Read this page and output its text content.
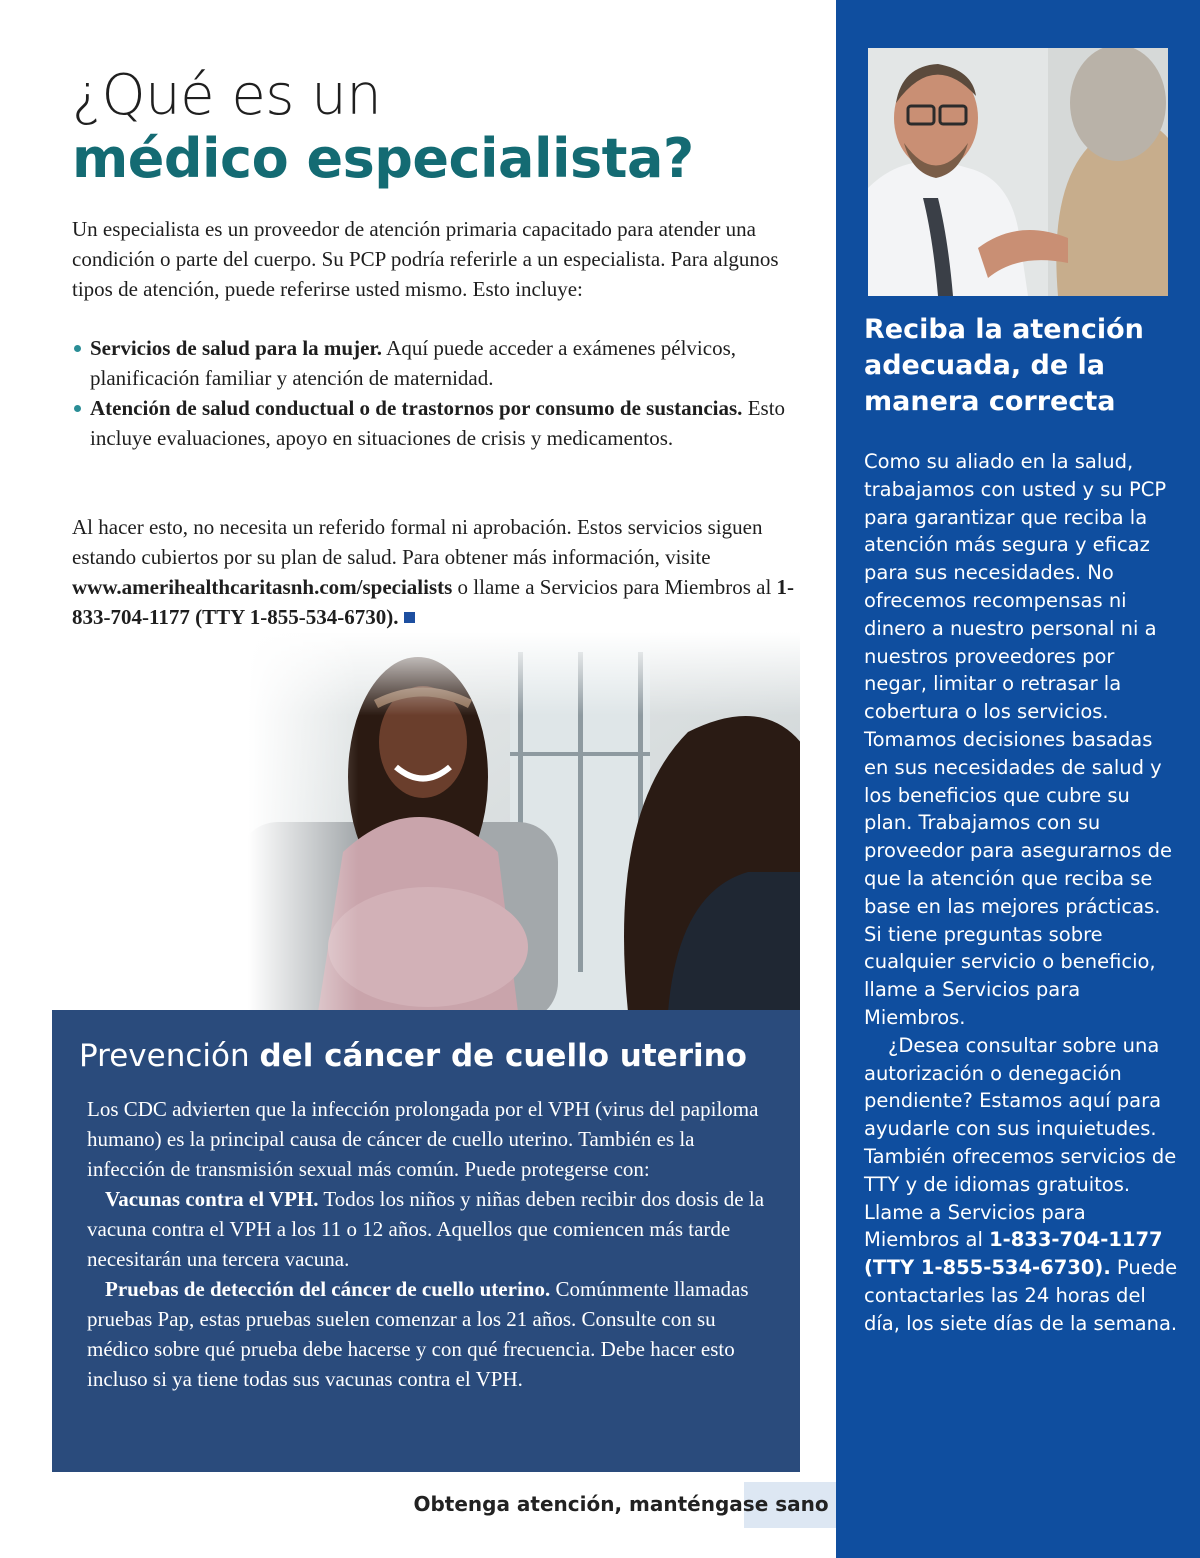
¿Qué es un
médico especialista?

Un especialista es un proveedor de atención primaria capacitado para atender una condición o parte del cuerpo. Su PCP podría referirle a un especialista. Para algunos tipos de atención, puede referirse usted mismo. Esto incluye:

Servicios de salud para la mujer. Aquí puede acceder a exámenes pélvicos, planificación familiar y atención de maternidad.
Atención de salud conductual o de trastornos por consumo de sustancias. Esto incluye evaluaciones, apoyo en situaciones de crisis y medicamentos.

Al hacer esto, no necesita un referido formal ni aprobación. Estos servicios siguen estando cubiertos por su plan de salud. Para obtener más información, visite www.amerihealthcaritasnh.com/specialists o llame a Servicios para Miembros al 1-833-704-1177 (TTY 1-855-534-6730).

Prevención del cáncer de cuello uterino

Los CDC advierten que la infección prolongada por el VPH (virus del papiloma humano) es la principal causa de cáncer de cuello uterino. También es la infección de transmisión sexual más común. Puede protegerse con:
Vacunas contra el VPH. Todos los niños y niñas deben recibir dos dosis de la vacuna contra el VPH a los 11 o 12 años. Aquellos que comiencen más tarde necesitarán una tercera vacuna.
Pruebas de detección del cáncer de cuello uterino. Comúnmente llamadas pruebas Pap, estas pruebas suelen comenzar a los 21 años. Consulte con su médico sobre qué prueba debe hacerse y con qué frecuencia. Debe hacer esto incluso si ya tiene todas sus vacunas contra el VPH.

Obtenga atención, manténgase sano
Reciba la atención adecuada, de la manera correcta

Como su aliado en la salud, trabajamos con usted y su PCP para garantizar que reciba la atención más segura y eficaz para sus necesidades. No ofrecemos recompensas ni dinero a nuestro personal ni a nuestros proveedores por negar, limitar o retrasar la cobertura o los servicios. Tomamos decisiones basadas en sus necesidades de salud y los beneficios que cubre su plan. Trabajamos con su proveedor para asegurarnos de que la atención que reciba se base en las mejores prácticas. Si tiene preguntas sobre cualquier servicio o beneficio, llame a Servicios para Miembros.
¿Desea consultar sobre una autorización o denegación pendiente? Estamos aquí para ayudarle con sus inquietudes. También ofrecemos servicios de TTY y de idiomas gratuitos. Llame a Servicios para Miembros al 1-833-704-1177 (TTY 1-855-534-6730). Puede contactarles las 24 horas del día, los siete días de la semana.
